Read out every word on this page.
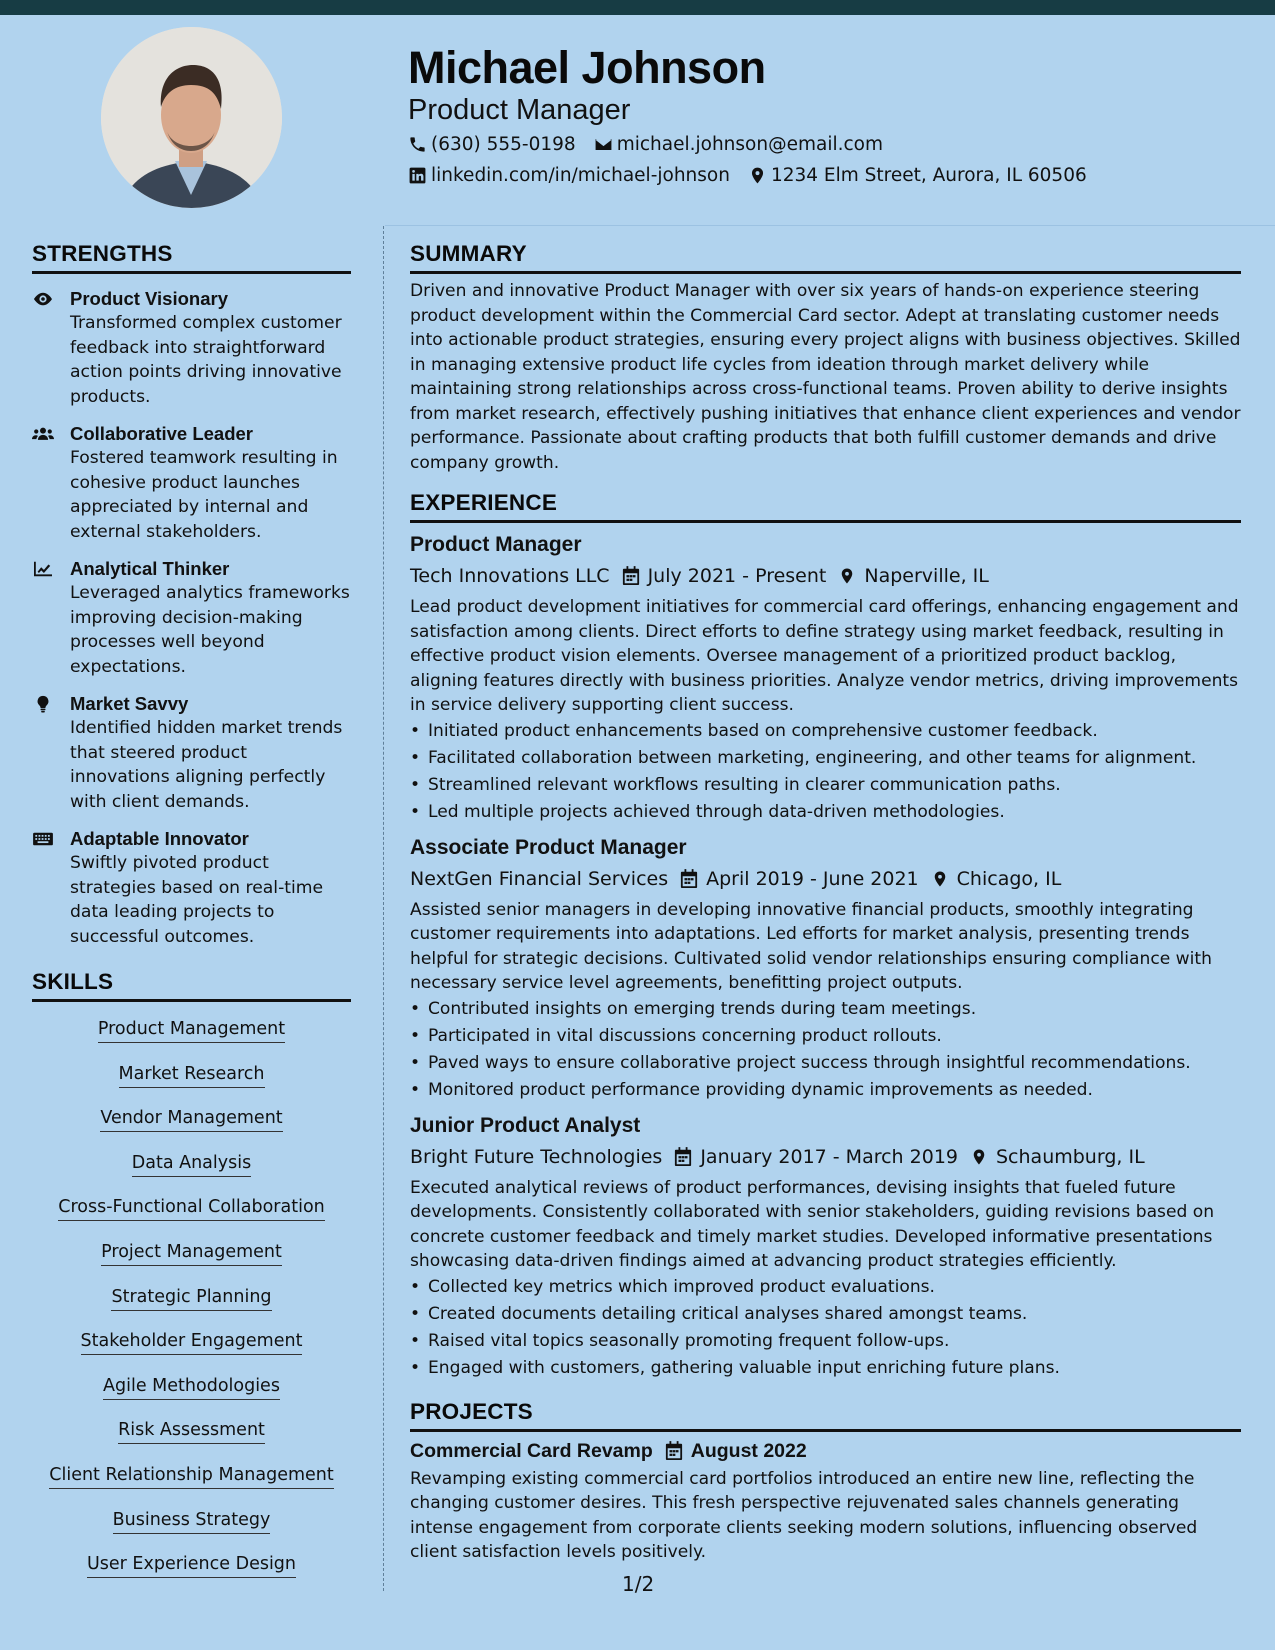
Michael Johnson
Product Manager
(630) 555-0198 michael.johnson@email.com
linkedin.com/in/michael-johnson 1234 Elm Street, Aurora, IL 60506
STRENGTHS
Product Visionary
Transformed complex customer feedback into straightforward action points driving innovative products.
Collaborative Leader
Fostered teamwork resulting in cohesive product launches appreciated by internal and external stakeholders.
Analytical Thinker
Leveraged analytics frameworks improving decision-making processes well beyond expectations.
Market Savvy
Identified hidden market trends that steered product innovations aligning perfectly with client demands.
Adaptable Innovator
Swiftly pivoted product strategies based on real-time data leading projects to successful outcomes.
SKILLS
Product Management
Market Research
Vendor Management
Data Analysis
Cross-Functional Collaboration
Project Management
Strategic Planning
Stakeholder Engagement
Agile Methodologies
Risk Assessment
Client Relationship Management
Business Strategy
User Experience Design
SUMMARY
Driven and innovative Product Manager with over six years of hands-on experience steering product development within the Commercial Card sector. Adept at translating customer needs into actionable product strategies, ensuring every project aligns with business objectives. Skilled in managing extensive product life cycles from ideation through market delivery while maintaining strong relationships across cross-functional teams. Proven ability to derive insights from market research, effectively pushing initiatives that enhance client experiences and vendor performance. Passionate about crafting products that both fulfill customer demands and drive company growth.
EXPERIENCE
Product Manager
Tech Innovations LLC July 2021 - Present Naperville, IL
Lead product development initiatives for commercial card offerings, enhancing engagement and satisfaction among clients. Direct efforts to define strategy using market feedback, resulting in effective product vision elements. Oversee management of a prioritized product backlog, aligning features directly with business priorities. Analyze vendor metrics, driving improvements in service delivery supporting client success.
• Initiated product enhancements based on comprehensive customer feedback.
• Facilitated collaboration between marketing, engineering, and other teams for alignment.
• Streamlined relevant workflows resulting in clearer communication paths.
• Led multiple projects achieved through data-driven methodologies.
Associate Product Manager
NextGen Financial Services April 2019 - June 2021 Chicago, IL
Assisted senior managers in developing innovative financial products, smoothly integrating customer requirements into adaptations. Led efforts for market analysis, presenting trends helpful for strategic decisions. Cultivated solid vendor relationships ensuring compliance with necessary service level agreements, benefitting project outputs.
• Contributed insights on emerging trends during team meetings.
• Participated in vital discussions concerning product rollouts.
• Paved ways to ensure collaborative project success through insightful recommendations.
• Monitored product performance providing dynamic improvements as needed.
Junior Product Analyst
Bright Future Technologies January 2017 - March 2019 Schaumburg, IL
Executed analytical reviews of product performances, devising insights that fueled future developments. Consistently collaborated with senior stakeholders, guiding revisions based on concrete customer feedback and timely market studies. Developed informative presentations showcasing data-driven findings aimed at advancing product strategies efficiently.
• Collected key metrics which improved product evaluations.
• Created documents detailing critical analyses shared amongst teams.
• Raised vital topics seasonally promoting frequent follow-ups.
• Engaged with customers, gathering valuable input enriching future plans.
PROJECTS
Commercial Card Revamp August 2022
Revamping existing commercial card portfolios introduced an entire new line, reflecting the changing customer desires. This fresh perspective rejuvenated sales channels generating intense engagement from corporate clients seeking modern solutions, influencing observed client satisfaction levels positively.
1/2
